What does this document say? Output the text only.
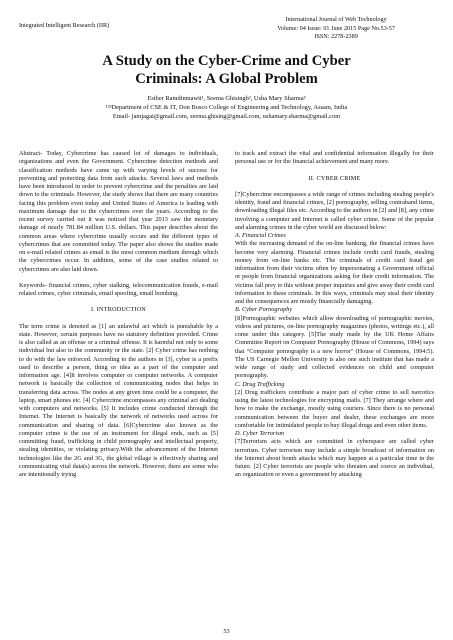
Integrated Intelligent Research (IIR)
International Journal of Web Technology
Volume: 04 Issue: 01 June 2015 Page No.53-57
ISSN: 2278-2389
A Study on the Cyber-Crime and Cyber
Criminals: A Global Problem
Esther Ramdinmawii¹, Seema Ghisingh², Usha Mary Sharma³
¹²³Department of CSE & IT, Don Bosco College of Engineering and Technology, Assam, India
Email- jamjagai@gmail.com, seema.ghising@gmail.com, ushamary.sharma@gmail.com

Abstract- Today, Cybercrime has caused lot of damages to individuals, organizations and even the Government. Cybercrime detection methods and classification methods have came up with varying levels of success for preventing and protecting data from such attacks. Several laws and methods have been introduced in order to prevent cybercrime and the penalties are laid down to the criminals. However, the study shows that there are many countries facing this problem even today and United States of America is leading with maximum damage due to the cybercrimes over the years. According to the recent survey carried out it was noticed that year 2013 saw the monetary damage of nearly 781.84 million U.S. dollars. This paper describes about the common areas where cybercrime usually occurs and the different types of cybercrimes that are committed today. The paper also shows the studies made on e-mail related crimes as email is the most common medium through which the cybercrimes occur. In addition, some of the case studies related to cybercrimes are also laid down.

Keywords- financial crimes, cyber stalking, telecommunication frauds, e-mail related crimes, cyber criminals, email spoofing, email bombing.

I. INTRODUCTION

The term crime is denoted as [1] an unlawful act which is punishable by a state. However, certain purposes have no statutory definition provided. Crime is also called as an offense or a criminal offense. It is harmful not only to some individual but also to the community or the state. [2] Cyber crime has nothing to do with the law enforced. According to the authors in [3], cyber is a prefix used to describe a person, thing or idea as a part of the computer and information age. [4]It involves computer or computer networks. A computer network is basically the collection of communicating nodes that helps in transferring data across. The nodes at any given time could be a computer, the laptop, smart phones etc. [4] Cybercrime encompasses any criminal act dealing with computers and networks. [5] It includes crime conducted through the Internet. The Internet is basically the network of networks used across for communication and sharing of data. [6]Cybercrime also known as the computer crime is the use of an instrument for illegal ends, such as [5] committing fraud, trafficking in child pornography and intellectual property, stealing identities, or violating privacy.With the advancement of the Internet technologies like the 2G and 3G, the global village is effectively sharing and communicating vital data(s) across the network. However, there are some who are intentionally trying

to track and extract the vital and confidential information illegally for their personal use or for the financial achievement and many more.

II. CYBER CRIME

[7]Cybercrime encompasses a wide range of crimes including stealing people's identity, fraud and financial crimes, [2] pornography, selling contraband items, downloading illegal files etc. According to the authors in [2] and [8], any crime involving a computer and Internet is called cyber crime. Some of the popular and alarming crimes in the cyber world are discussed below:

A. Financial Crimes

With the increasing demand of the on-line banking, the financial crimes have become very alarming. Financial crimes include credit card frauds, stealing money from on-line banks etc. The criminals of credit card fraud get information from their victims often by impersonating a Government official or people from financial organizations asking for their credit information. The victims fall prey to this without proper inquiries and give away their credit card information to these criminals. In this ways, criminals may steal their identity and the consequences are mostly financially damaging.

B. Cyber Pornography

[8]Pornographic websites which allow downloading of pornographic movies, videos and pictures, on-line pornography magazines (photos, writings etc.), all come under this category. [5]The study made by the UK Home Affairs Committee Report on Computer Pornography (House of Commons, 1994) says that "Computer pornography is a new horror" (House of Commons, 1994:5). The US Carnegie Mellon University is also one such institute that has made a wide range of study and collected evidences on child and computer pornography.

C. Drug Trafficking

[2] Drug traffickers contribute a major part of cyber crime to sell narcotics using the latest technologies for encrypting mails. [7] They arrange where and how to make the exchange, mostly using couriers. Since there is no personal communication between the buyer and dealer, these exchanges are more comfortable for intimidated people to buy illegal drugs and even other items.

D. Cyber Terrorism

[7]Terrorism acts which are committed in cyberspace are called cyber terrorism. Cyber terrorism may include a simple broadcast of information on the Internet about bomb attacks which may happen at a particular time in the future. [2] Cyber terrorists are people who threaten and coerce an individual, an organization or even a government by attacking

53
